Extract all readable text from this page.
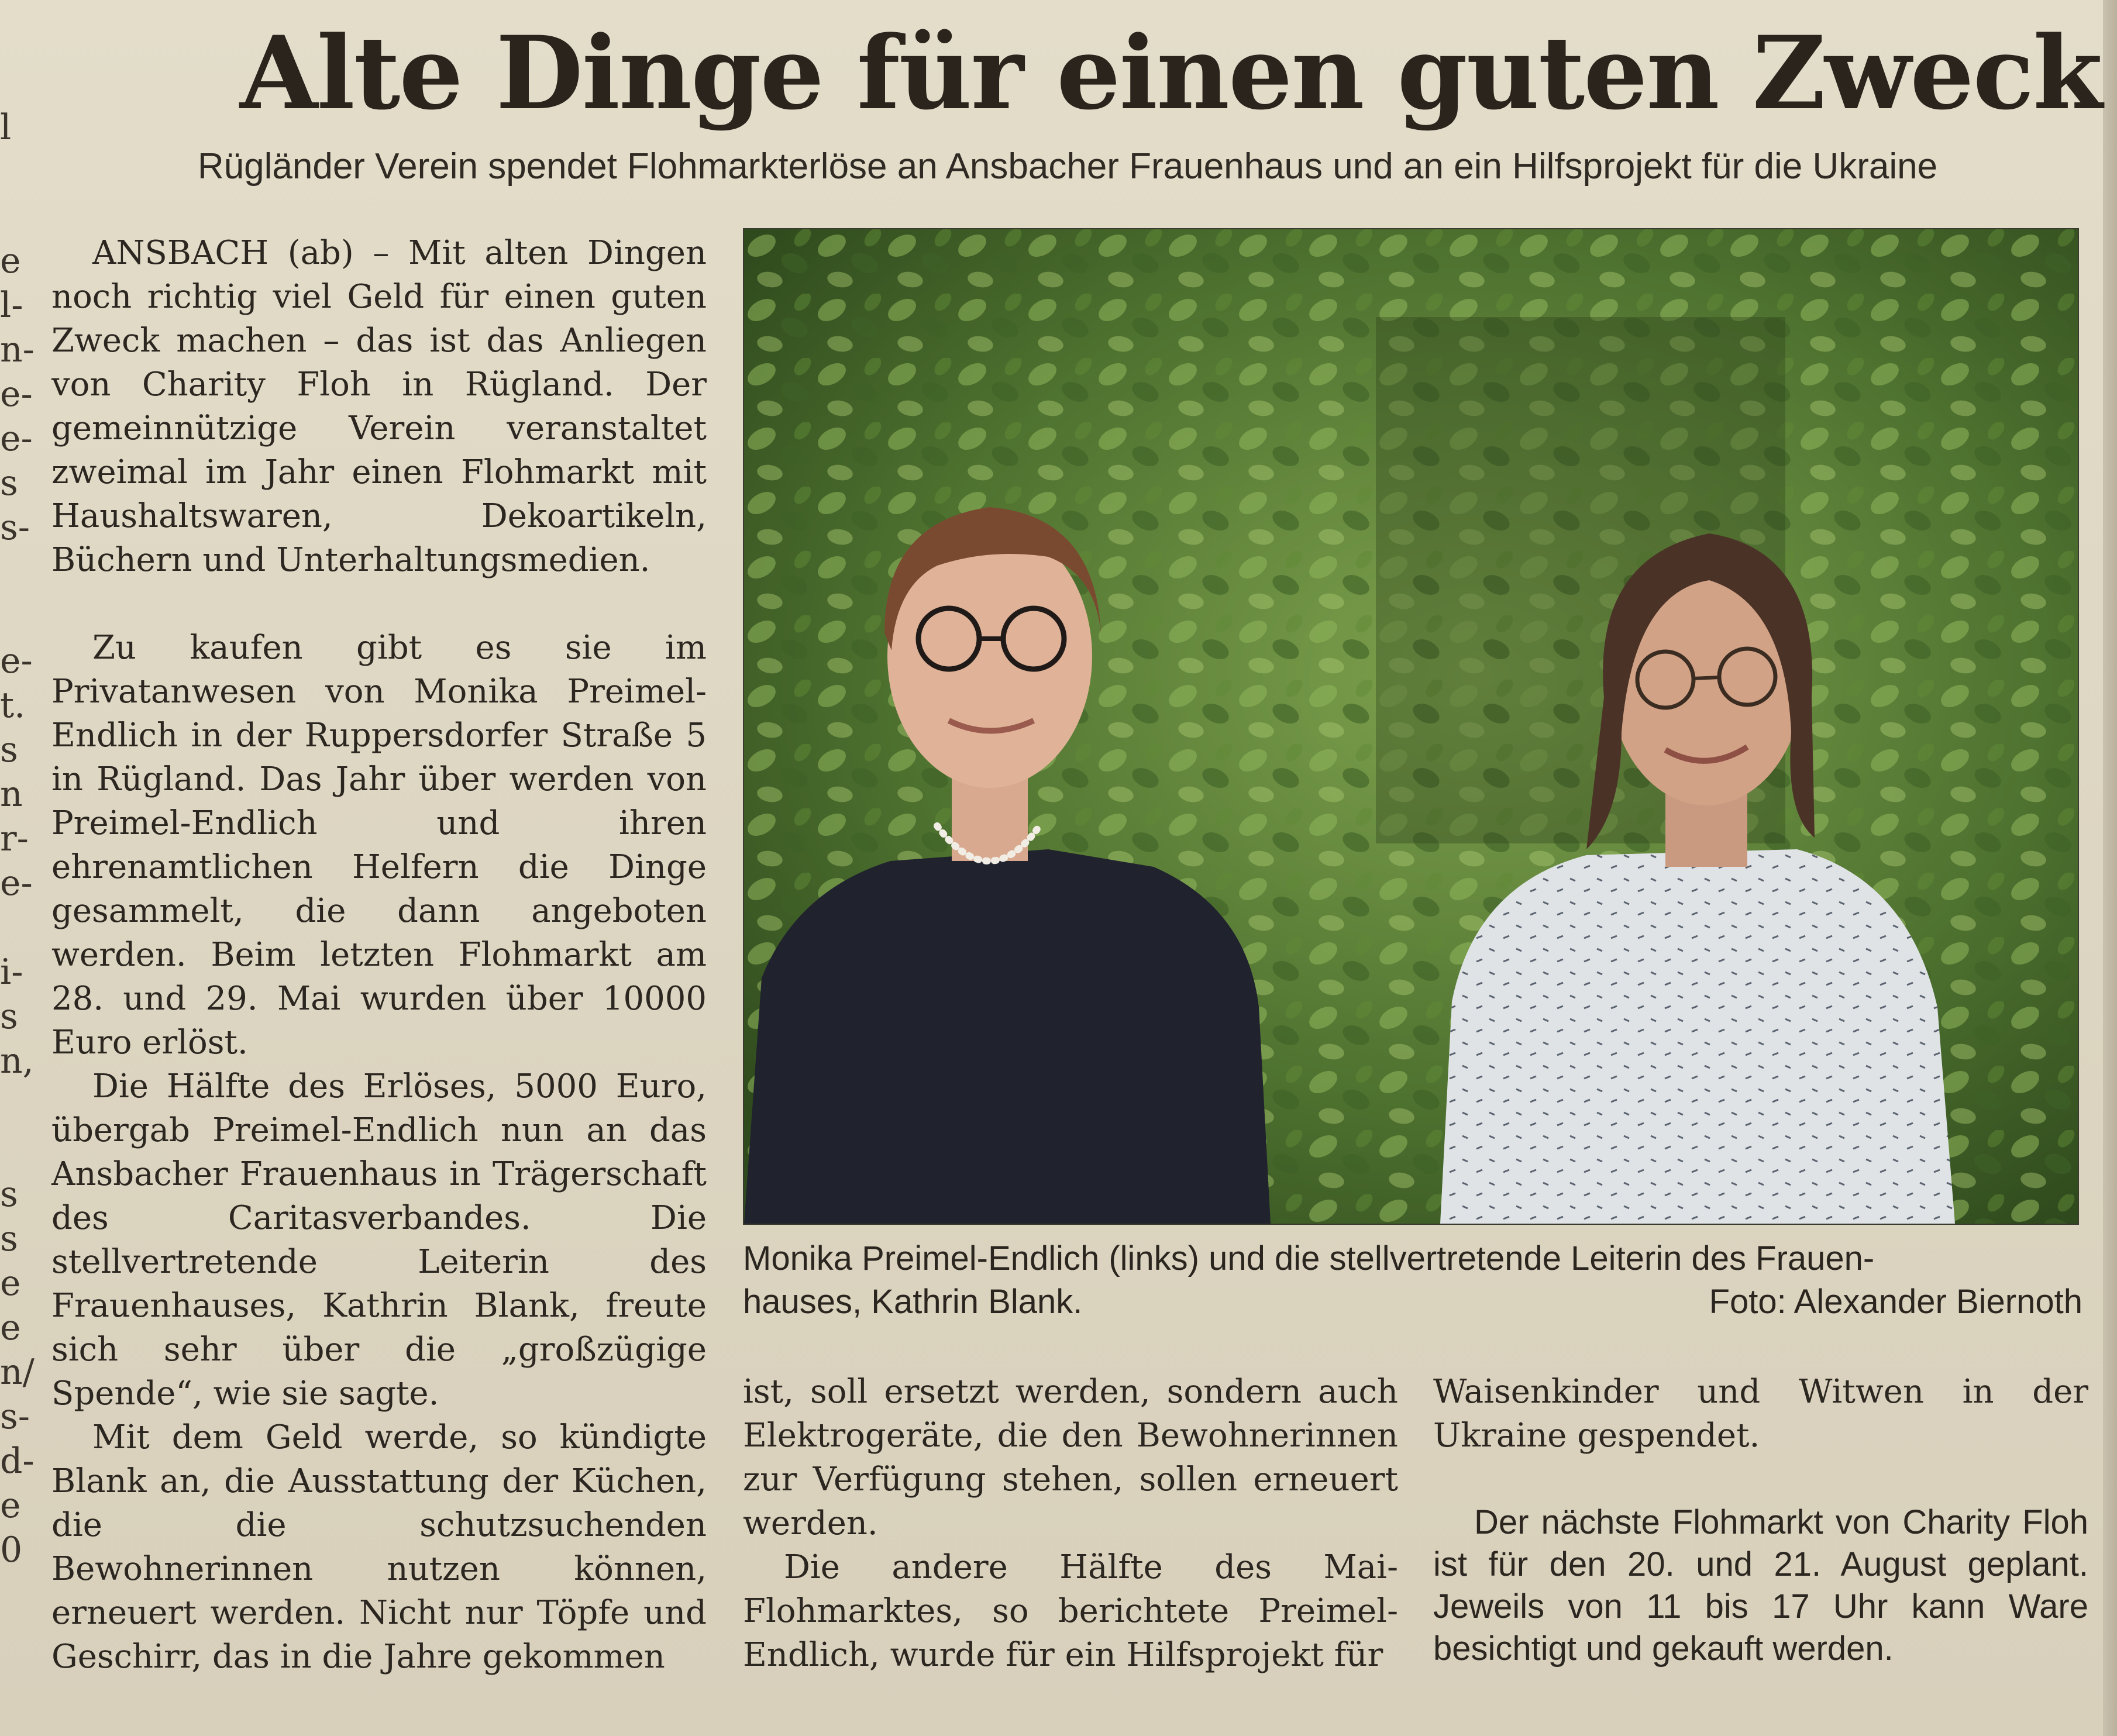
l
e
l-
n-
e-
e-
s
s-
e-
t.
s
n
r-
e-
i-
s
n,
s
s
e
e
n/
s-
d-
e
0
Alte Dinge für einen guten Zweck
Rügländer Verein spendet Flohmarkterlöse an Ansbacher Frauenhaus und an ein Hilfsprojekt für die Ukraine

ANSBACH (ab) – Mit alten Dingen noch richtig viel Geld für einen guten Zweck machen – das ist das Anliegen von Charity Floh in Rügland. Der gemeinnützige Verein veranstaltet zweimal im Jahr einen Flohmarkt mit Haushaltswaren, Dekoartikeln, Büchern und Unterhaltungsmedien.

Zu kaufen gibt es sie im Privatanwesen von Monika Preimel-Endlich in der Ruppersdorfer Straße 5 in Rügland. Das Jahr über werden von Preimel-Endlich und ihren ehrenamtlichen Helfern die Dinge gesammelt, die dann angeboten werden. Beim letzten Flohmarkt am 28. und 29. Mai wurden über 10000 Euro erlöst.

Die Hälfte des Erlöses, 5000 Euro, übergab Preimel-Endlich nun an das Ansbacher Frauenhaus in Trägerschaft des Caritasverbandes. Die stellvertretende Leiterin des Frauenhauses, Kathrin Blank, freute sich sehr über die „großzügige Spende“, wie sie sagte.

Mit dem Geld werde, so kündigte Blank an, die Ausstattung der Küchen, die die schutzsuchenden Bewohnerinnen nutzen können, erneuert werden. Nicht nur Töpfe und Geschirr, das in die Jahre gekommen

Monika Preimel-Endlich (links) und die stellvertretende Leiterin des Frauen-
hauses, Kathrin Blank.	Foto: Alexander Biernoth

ist, soll ersetzt werden, sondern auch Elektrogeräte, die den Bewohnerinnen zur Verfügung stehen, sollen erneuert werden.

Die andere Hälfte des Mai-Flohmarktes, so berichtete Preimel-Endlich, wurde für ein Hilfsprojekt für

Waisenkinder und Witwen in der Ukraine gespendet.

Der nächste Flohmarkt von Charity Floh ist für den 20. und 21. August geplant. Jeweils von 11 bis 17 Uhr kann Ware besichtigt und gekauft werden.
